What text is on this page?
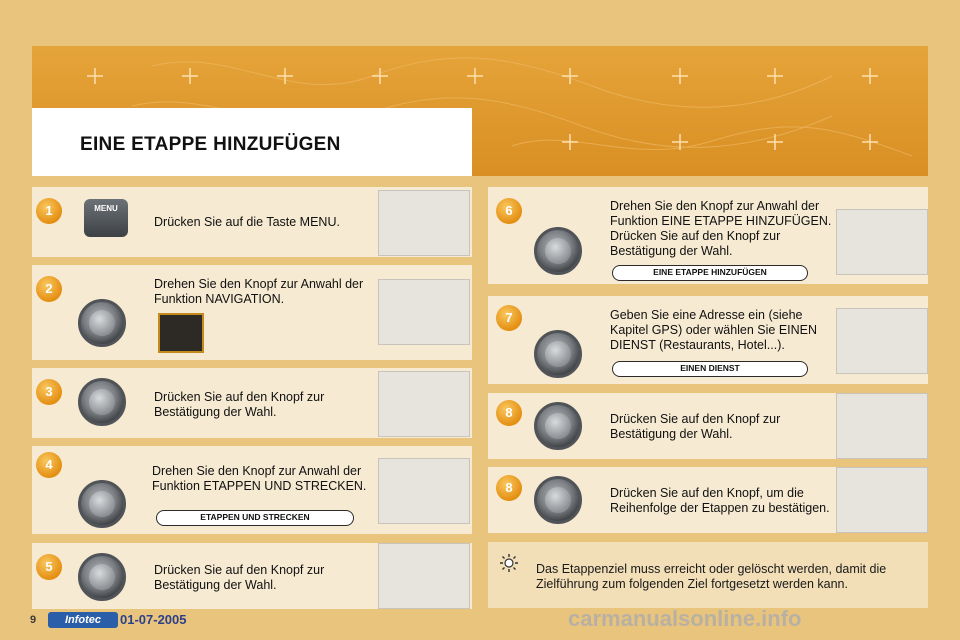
EINE ETAPPE HINZUFÜGEN
MENU
Drücken Sie auf die Taste MENU.
1
Drehen Sie den Knopf zur Anwahl der Funktion NAVIGATION.
2
Drücken Sie auf den Knopf zur Bestätigung der Wahl.
3
Drehen Sie den Knopf zur Anwahl der Funktion ETAPPEN UND STRECKEN.
ETAPPEN UND STRECKEN
4
Drücken Sie auf den Knopf zur Bestätigung der Wahl.
5
Drehen Sie den Knopf zur Anwahl der Funktion EINE ETAPPE HINZUFÜGEN. Drücken Sie auf den Knopf zur Bestätigung der Wahl.
EINE ETAPPE HINZUFÜGEN
6
Geben Sie eine Adresse ein (siehe Kapitel GPS) oder wählen Sie EINEN DIENST (Restaurants, Hotel...).
EINEN DIENST
7
Drücken Sie auf den Knopf zur Bestätigung der Wahl.
8
Drücken Sie auf den Knopf, um die Reihenfolge der Etappen zu bestätigen.
8
Das Etappenziel muss erreicht oder gelöscht werden, damit die Zielführung zum folgenden Ziel fortgesetzt werden kann.
9	Infotec	01-07-2005	carmanualsonline.info
